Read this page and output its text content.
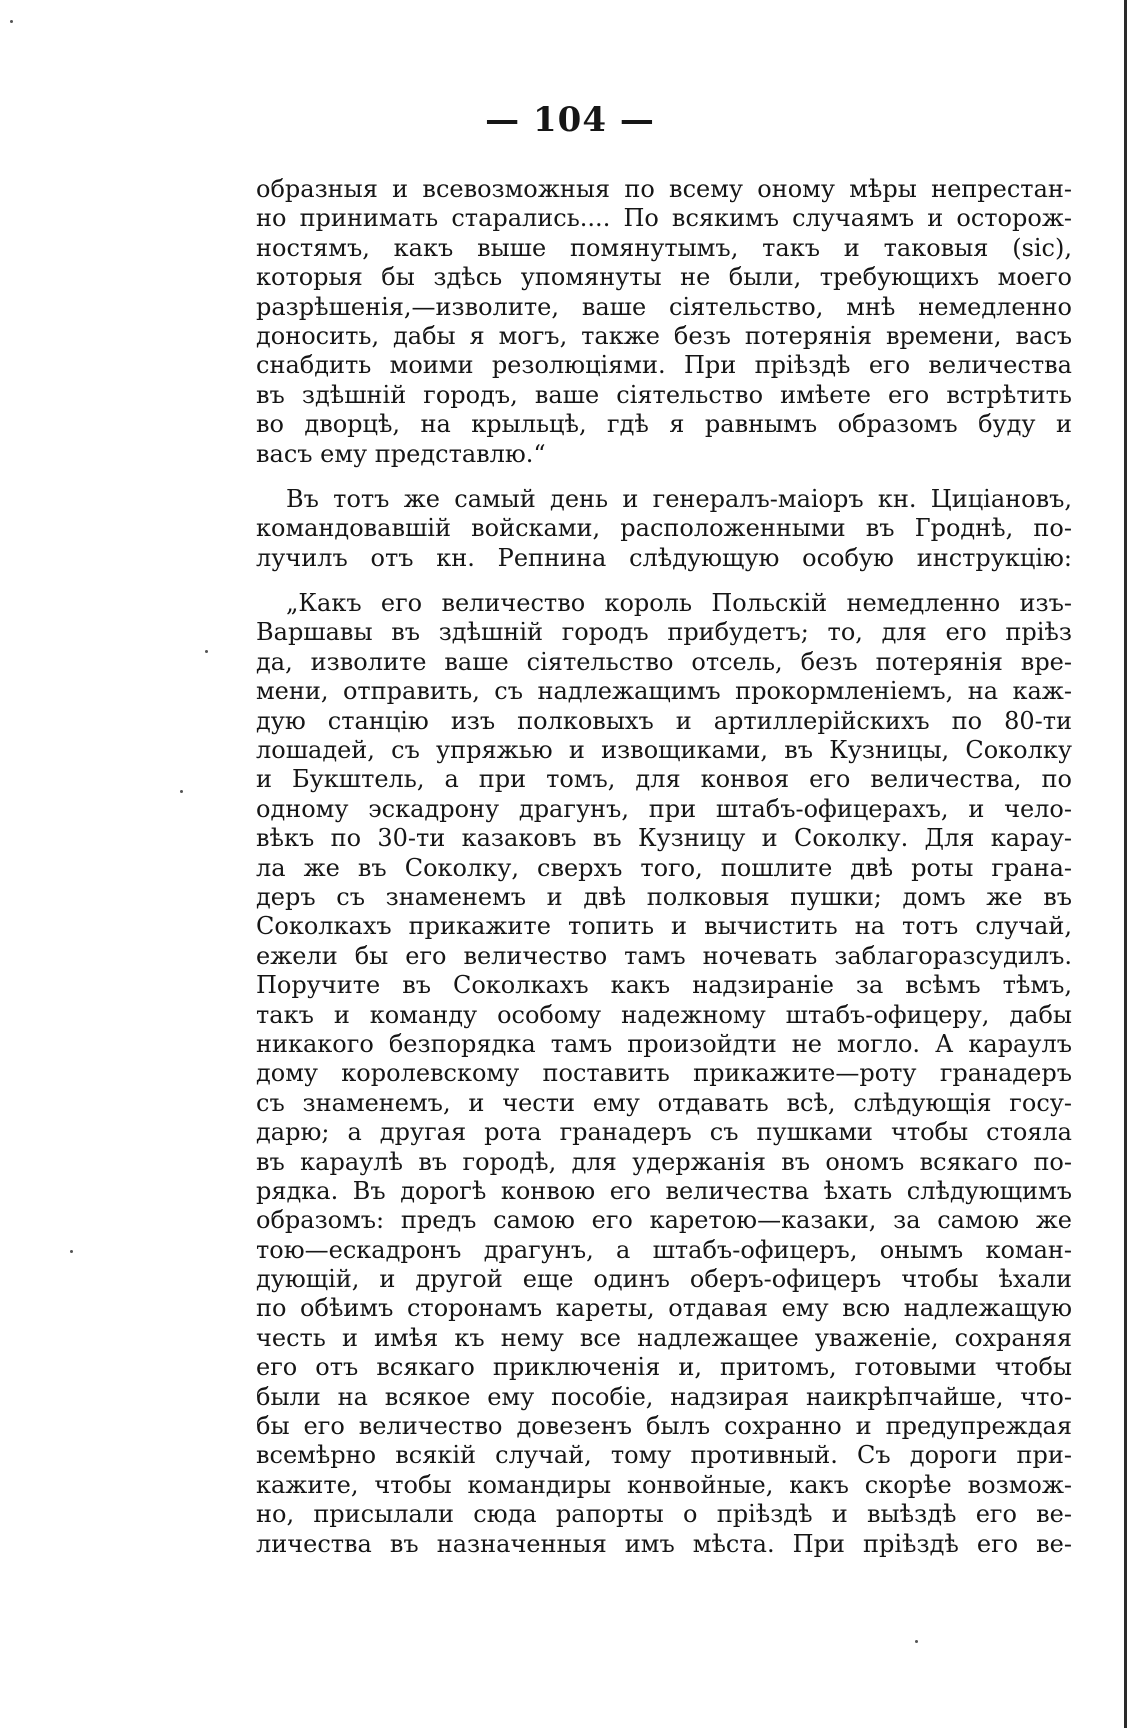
— 104 —
образныя и всевозможныя по всему оному мѣры непрестан-
но принимать старались.... По всякимъ случаямъ и осторож-
ностямъ, какъ выше помянутымъ, такъ и таковыя (sic),
которыя бы здѣсь упомянуты не были, требующихъ моего
разрѣшенія,—изволите, ваше сіятельство, мнѣ немедленно
доносить, дабы я могъ, также безъ потерянія времени, васъ
снабдить моими резолюціями. При пріѣздѣ его величества
въ здѣшній городъ, ваше сіятельство имѣете его встрѣтить
во дворцѣ, на крыльцѣ, гдѣ я равнымъ образомъ буду и
васъ ему представлю.“
Въ тотъ же самый день и генералъ-маіоръ кн. Циціановъ,
командовавшій войсками, расположенными въ Гроднѣ, по-
лучилъ отъ кн. Репнина слѣдующую особую инструкцію:
„Какъ его величество король Польскій немедленно изъ-
Варшавы въ здѣшній городъ прибудетъ; то, для его пріѣз
да, изволите ваше сіятельство отсель, безъ потерянія вре-
мени, отправить, съ надлежащимъ прокормленіемъ, на каж-
дую станцію изъ полковыхъ и артиллерійскихъ по 80-ти
лошадей, съ упряжью и извощиками, въ Кузницы, Соколку
и Букштель, а при томъ, для конвоя его величества, по
одному эскадрону драгунъ, при штабъ-офицерахъ, и чело-
вѣкъ по 30-ти казаковъ въ Кузницу и Соколку. Для карау-
ла же въ Соколку, сверхъ того, пошлите двѣ роты грана-
деръ съ знаменемъ и двѣ полковыя пушки; домъ же въ
Соколкахъ прикажите топить и вычистить на тотъ случай,
ежели бы его величество тамъ ночевать заблагоразсудилъ.
Поручите въ Соколкахъ какъ надзираніе за всѣмъ тѣмъ,
такъ и команду особому надежному штабъ-офицеру, дабы
никакого безпорядка тамъ произойдти не могло. А караулъ
дому королевскому поставить прикажите—роту гранадеръ
съ знаменемъ, и чести ему отдавать всѣ, слѣдующія госу-
дарю; а другая рота гранадеръ съ пушками чтобы стояла
въ караулѣ въ городѣ, для удержанія въ ономъ всякаго по-
рядка. Въ дорогѣ конвою его величества ѣхать слѣдующимъ
образомъ: предъ самою его каретою—казаки, за самою же
тою—ескадронъ драгунъ, а штабъ-офицеръ, онымъ коман-
дующій, и другой еще одинъ оберъ-офицеръ чтобы ѣхали
по обѣимъ сторонамъ кареты, отдавая ему всю надлежащую
честь и имѣя къ нему все надлежащее уваженіе, сохраняя
его отъ всякаго приключенія и, притомъ, готовыми чтобы
были на всякое ему пособіе, надзирая наикрѣпчайше, что-
бы его величество довезенъ былъ сохранно и предупреждая
всемѣрно всякій случай, тому противный. Съ дороги при-
кажите, чтобы командиры конвойные, какъ скорѣе возмож-
но, присылали сюда рапорты о пріѣздѣ и выѣздѣ его ве-
личества въ назначенныя имъ мѣста. При пріѣздѣ его ве-
